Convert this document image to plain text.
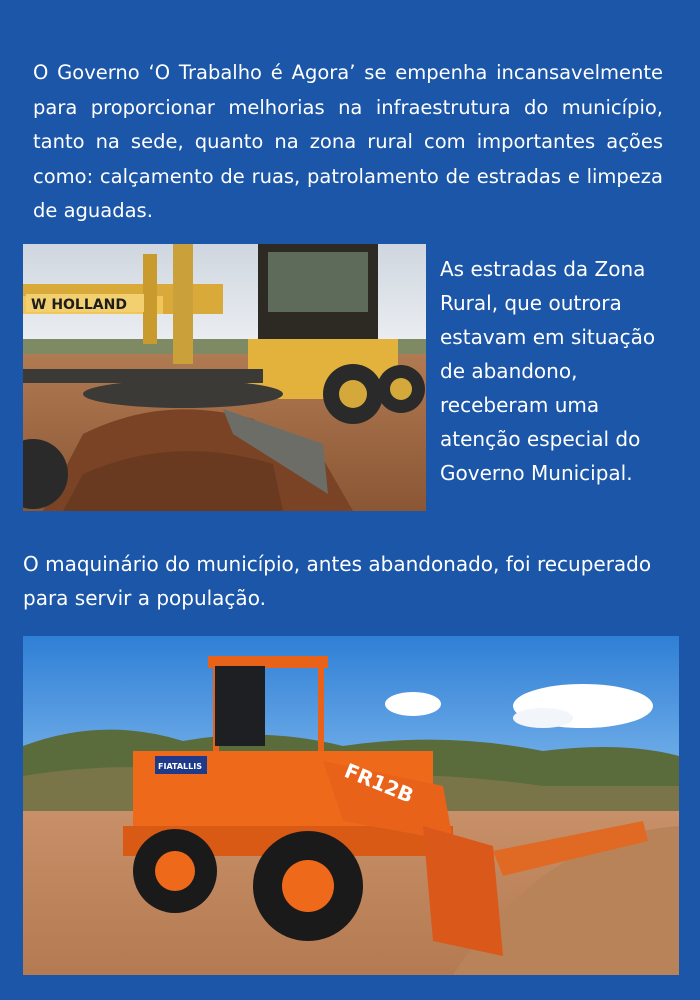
O Governo ‘O Trabalho é Agora’ se empenha incansavelmente para proporcionar melhorias na infraestrutura do município, tanto na sede, quanto na zona rural com importantes ações como: calçamento de ruas, patrolamento de estradas e limpeza de aguadas.

W HOLLAND

As estradas da Zona Rural, que outrora estavam em situação de abandono, receberam uma atenção especial do Governo Municipal.

O maquinário do município, antes abandonado, foi recuperado para servir a população.

FIATALLIS	FR12B
